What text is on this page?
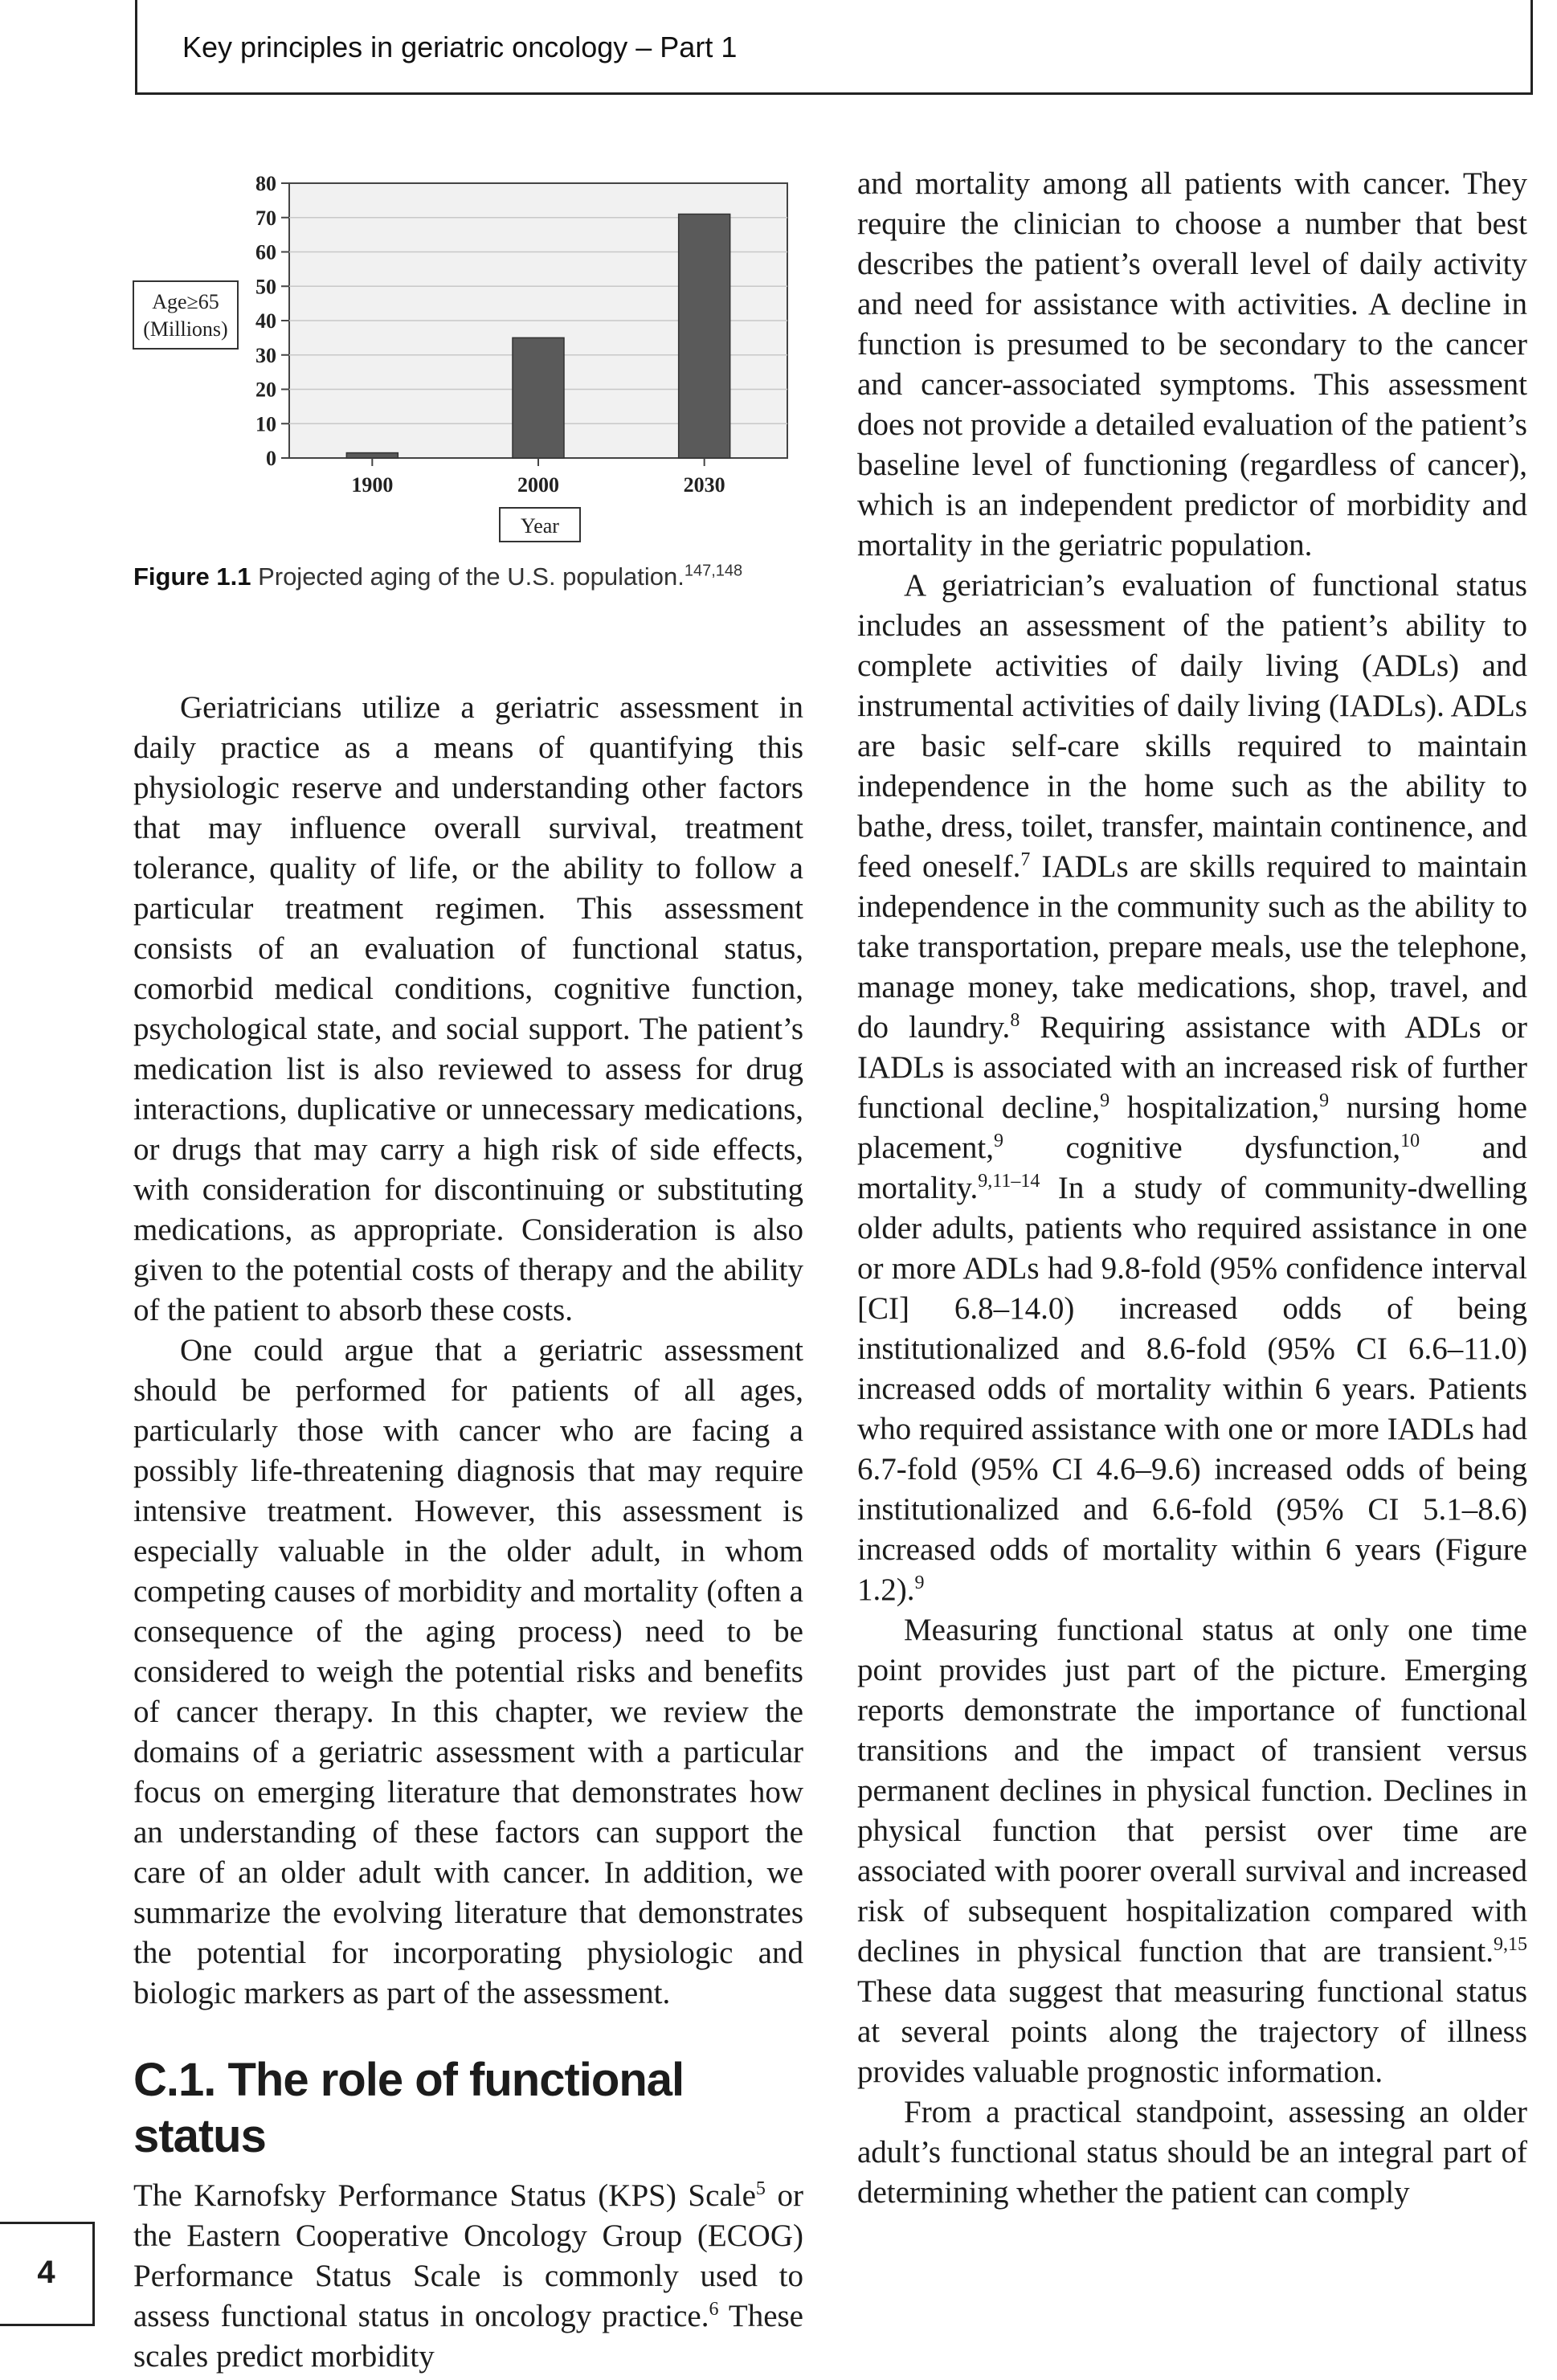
Key principles in geriatric oncology – Part 1
80
70
60
50
40
30
20
10
0
1900	2000	2030
Age≥65
(Millions)
Year
Figure 1.1 Projected aging of the U.S. population.$^{147,148}$

Geriatricians utilize a geriatric assessment in daily practice as a means of quantifying this physiologic reserve and understanding other factors that may influence overall survival, treatment tolerance, quality of life, or the ability to follow a particular treatment regimen. This assessment consists of an evaluation of functional status, comorbid medical conditions, cognitive function, psychological state, and social support. The patient’s medication list is also reviewed to assess for drug interactions, duplicative or unnecessary medications, or drugs that may carry a high risk of side effects, with consideration for discontinuing or substituting medications, as appropriate. Consideration is also given to the potential costs of therapy and the ability of the patient to absorb these costs.

One could argue that a geriatric assessment should be performed for patients of all ages, particularly those with cancer who are facing a possibly life-threatening diagnosis that may require intensive treatment. However, this assessment is especially valuable in the older adult, in whom competing causes of morbidity and mortality (often a consequence of the aging process) need to be considered to weigh the potential risks and benefits of cancer therapy. In this chapter, we review the domains of a geriatric assessment with a particular focus on emerging literature that demonstrates how an understanding of these factors can support the care of an older adult with cancer. In addition, we summarize the evolving literature that demonstrates the potential for incorporating physiologic and biologic markers as part of the assessment.

C.1. The role of functional status

The Karnofsky Performance Status (KPS) Scale$^5$ or the Eastern Cooperative Oncology Group (ECOG) Performance Status Scale is commonly used to assess functional status in oncology practice.$^6$ These scales predict morbidity

and mortality among all patients with cancer. They require the clinician to choose a number that best describes the patient’s overall level of daily activity and need for assistance with activities. A decline in function is presumed to be secondary to the cancer and cancer-associated symptoms. This assessment does not provide a detailed evaluation of the patient’s baseline level of functioning (regardless of cancer), which is an independent predictor of morbidity and mortality in the geriatric population.

A geriatrician’s evaluation of functional status includes an assessment of the patient’s ability to complete activities of daily living (ADLs) and instrumental activities of daily living (IADLs). ADLs are basic self-care skills required to maintain independence in the home such as the ability to bathe, dress, toilet, transfer, maintain continence, and feed oneself.$^7$ IADLs are skills required to maintain independence in the community such as the ability to take transportation, prepare meals, use the telephone, manage money, take medications, shop, travel, and do laundry.$^8$ Requiring assistance with ADLs or IADLs is associated with an increased risk of further functional decline,$^9$ hospitalization,$^9$ nursing home placement,$^9$ cognitive dysfunction,$^{10}$ and mortality.$^{9,11-14}$ In a study of community-dwelling older adults, patients who required assistance in one or more ADLs had 9.8-fold (95% confidence interval [CI] 6.8–14.0) increased odds of being institutionalized and 8.6-fold (95% CI 6.6–11.0) increased odds of mortality within 6 years. Patients who required assistance with one or more IADLs had 6.7-fold (95% CI 4.6–9.6) increased odds of being institutionalized and 6.6-fold (95% CI 5.1–8.6) increased odds of mortality within 6 years (Figure 1.2).$^9$

Measuring functional status at only one time point provides just part of the picture. Emerging reports demonstrate the importance of functional transitions and the impact of transient versus permanent declines in physical function. Declines in physical function that persist over time are associated with poorer overall survival and increased risk of subsequent hospitalization compared with declines in physical function that are transient.$^{9,15}$ These data suggest that measuring functional status at several points along the trajectory of illness provides valuable prognostic information.

From a practical standpoint, assessing an older adult’s functional status should be an integral part of determining whether the patient can comply

4
